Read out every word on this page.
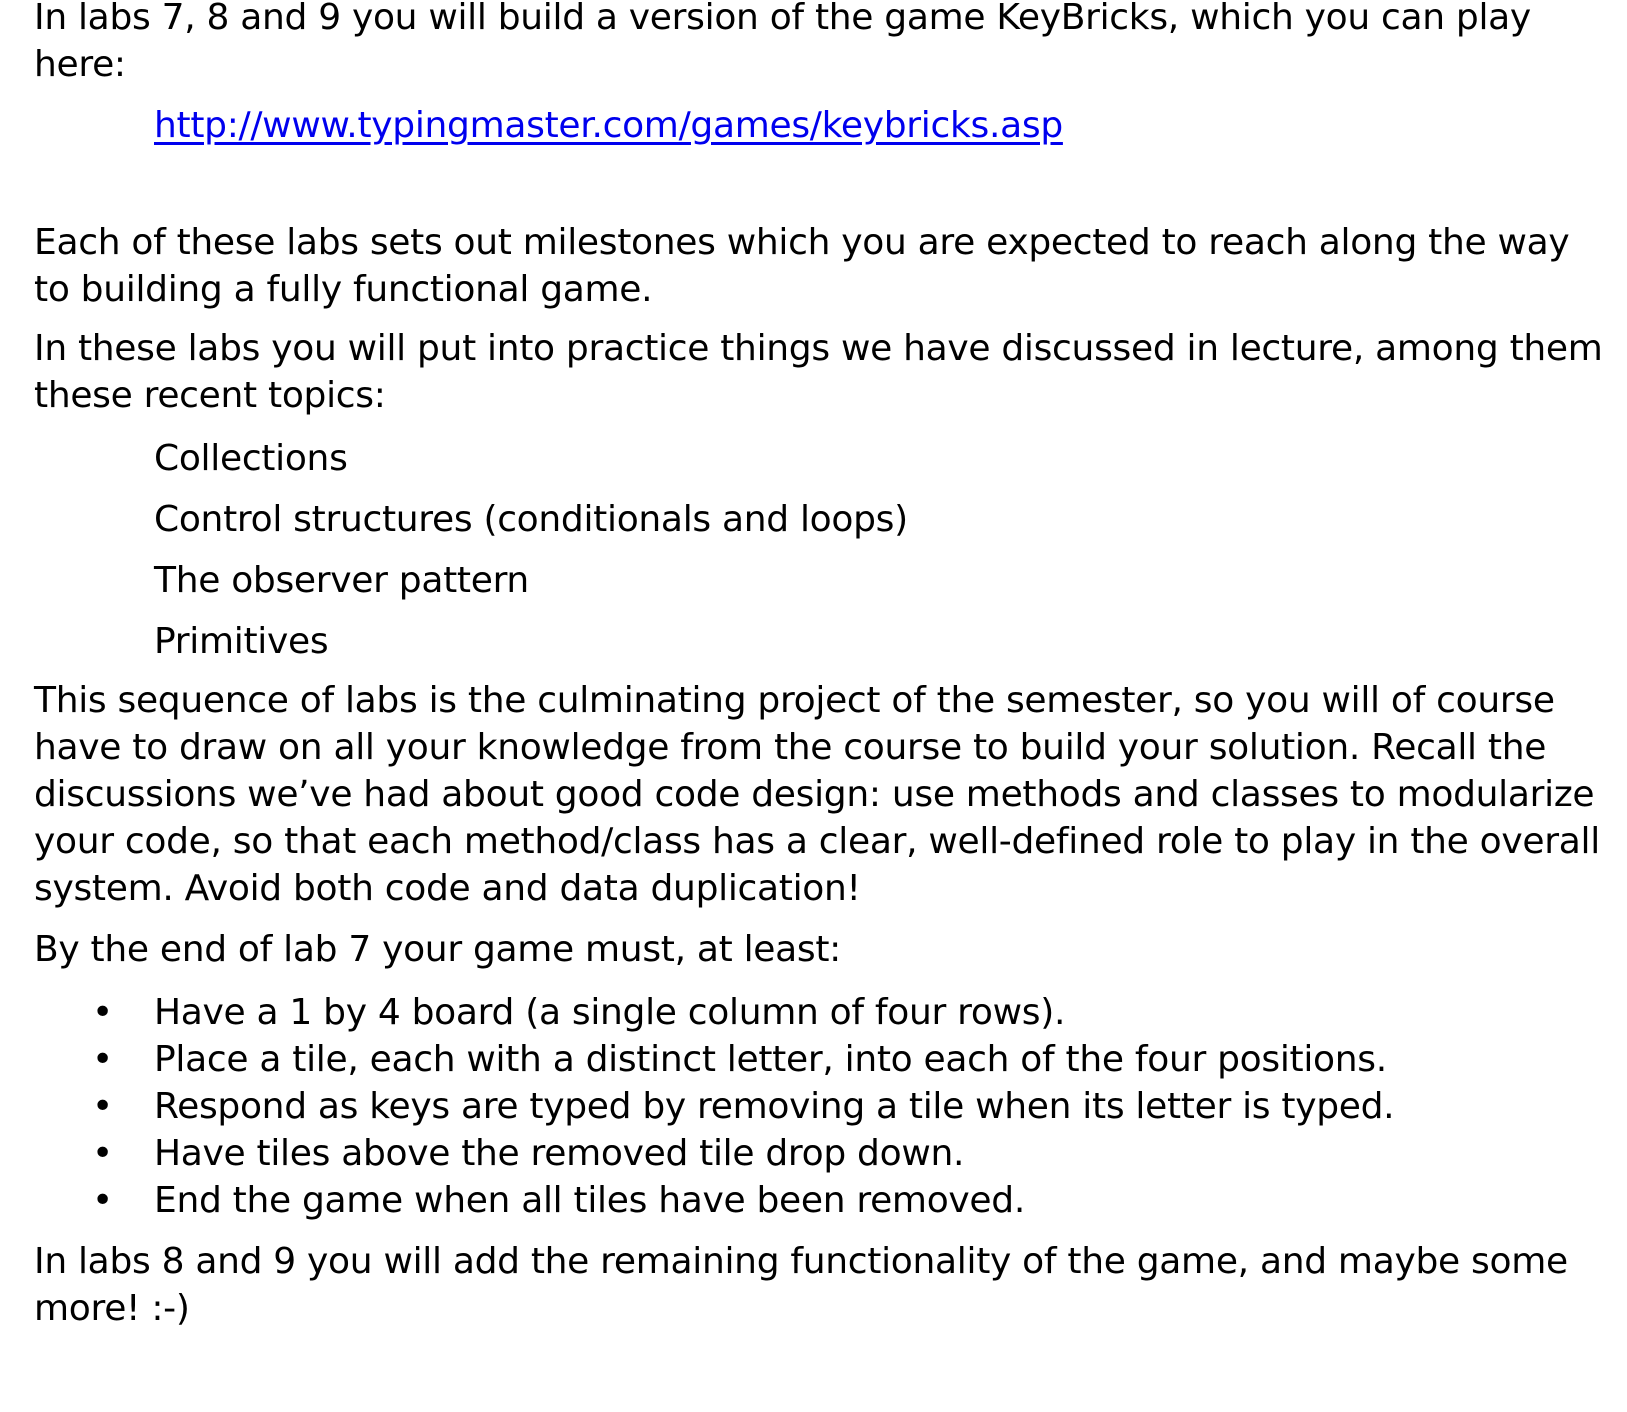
In labs 7, 8 and 9 you will build a version of the game KeyBricks, which you can play here:

http://www.typingmaster.com/games/keybricks.asp

Each of these labs sets out milestones which you are expected to reach along the way to building a fully functional game.

In these labs you will put into practice things we have discussed in lecture, among them these recent topics:

Collections

Control structures (conditionals and loops)

The observer pattern

Primitives

This sequence of labs is the culminating project of the semester, so you will of course have to draw on all your knowledge from the course to build your solution. Recall the discussions we’ve had about good code design: use methods and classes to modularize your code, so that each method/class has a clear, well-defined role to play in the overall system. Avoid both code and data duplication!

By the end of lab 7 your game must, at least:

• Have a 1 by 4 board (a single column of four rows).
• Place a tile, each with a distinct letter, into each of the four positions.
• Respond as keys are typed by removing a tile when its letter is typed.
• Have tiles above the removed tile drop down.
• End the game when all tiles have been removed.

In labs 8 and 9 you will add the remaining functionality of the game, and maybe some more! :-)
